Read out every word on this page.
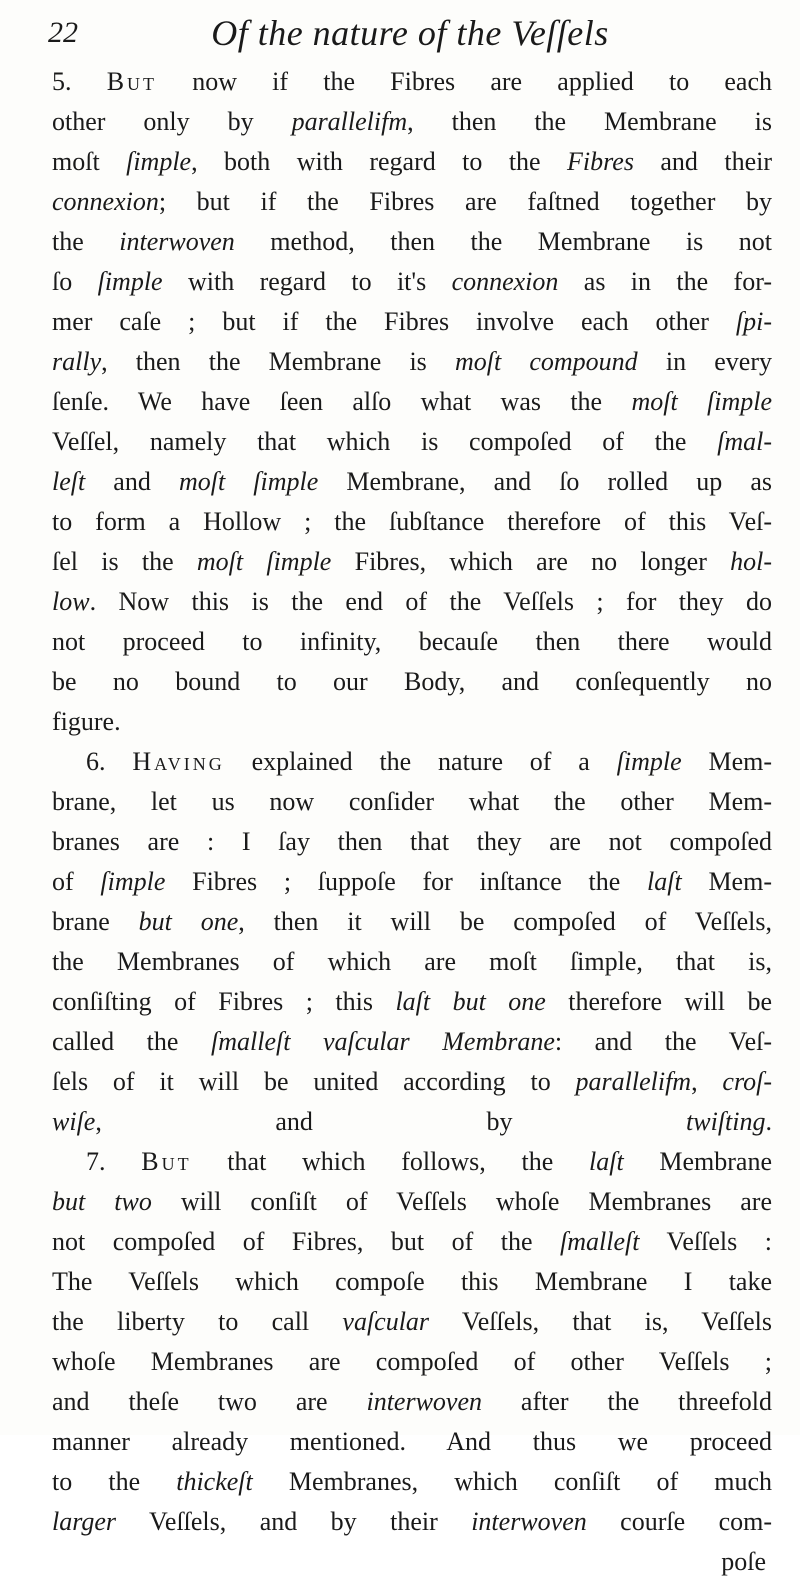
22	Of the nature of the Veſſels
5. But now if the Fibres are applied to each
other only by parallelifm, then the Membrane is
moſt ſimple, both with regard to the Fibres and their
connexion; but if the Fibres are faſtned together by
the interwoven method, then the Membrane is not
ſo ſimple with regard to it's connexion as in the for-
mer caſe ; but if the Fibres involve each other ſpi-
rally, then the Membrane is moſt compound in every
ſenſe. We have ſeen alſo what was the moſt ſimple
Veſſel, namely that which is compoſed of the ſmal-
leſt and moſt ſimple Membrane, and ſo rolled up as
to form a Hollow ; the ſubſtance therefore of this Veſ-
ſel is the moſt ſimple Fibres, which are no longer hol-
low. Now this is the end of the Veſſels ; for they do
not proceed to infinity, becauſe then there would
be no bound to our Body, and conſequently no
figure.
6. Having explained the nature of a ſimple Mem-
brane, let us now conſider what the other Mem-
branes are : I ſay then that they are not compoſed
of ſimple Fibres ; ſuppoſe for inſtance the laſt Mem-
brane but one, then it will be compoſed of Veſſels,
the Membranes of which are moſt ſimple, that is,
conſiſting of Fibres ; this laſt but one therefore will be
called the ſmalleſt vaſcular Membrane: and the Veſ-
ſels of it will be united according to parallelifm, croſ-
wiſe, and by twiſting.
7. But that which follows, the laſt Membrane
but two will conſiſt of Veſſels whoſe Membranes are
not compoſed of Fibres, but of the ſmalleſt Veſſels :
The Veſſels which compoſe this Membrane I take
the liberty to call vaſcular Veſſels, that is, Veſſels
whoſe Membranes are compoſed of other Veſſels ;
and theſe two are interwoven after the threefold
manner already mentioned. And thus we proceed
to the thickeſt Membranes, which conſiſt of much
larger Veſſels, and by their interwoven courſe com-
poſe
